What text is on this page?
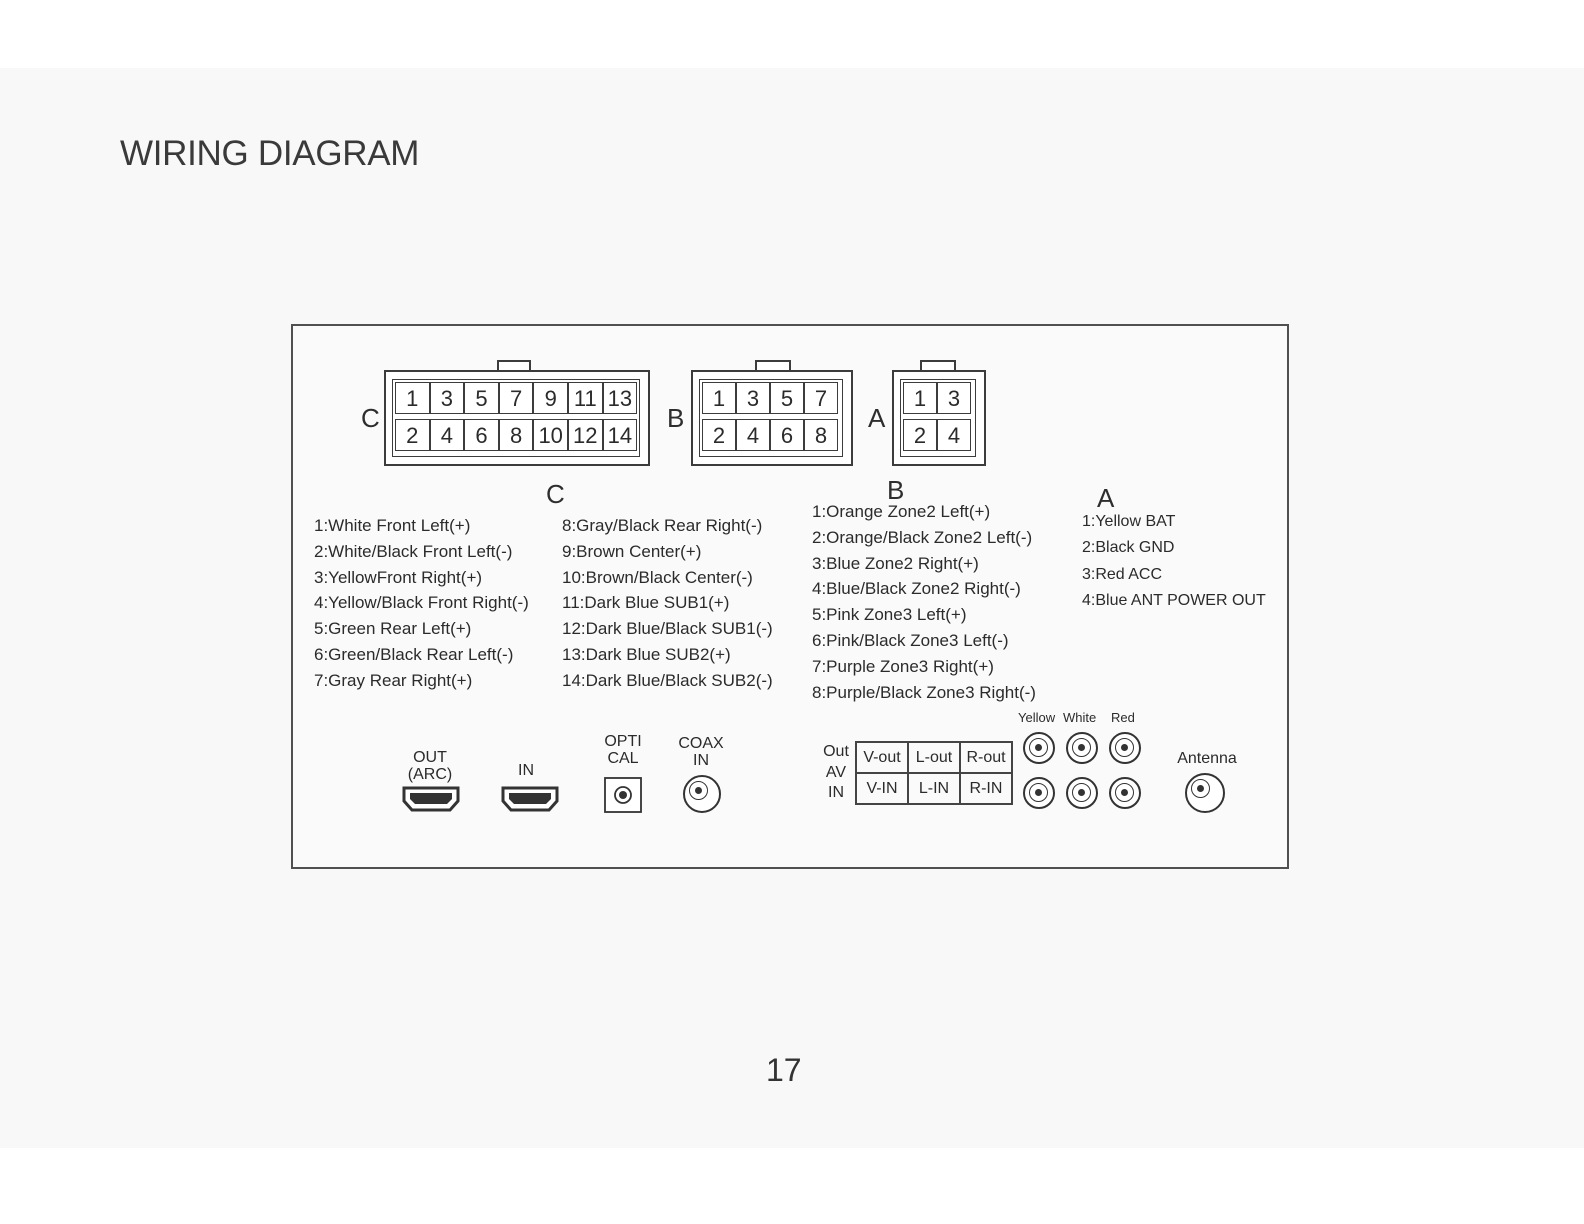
WIRING DIAGRAM
C
1	3	5	7	9 11 13
2	4	6	8 10 12 14
C
B
1 3 5 7
2 4 6 8
B
A
1 3
2 4
A
1:White Front Left(+)
2:White/Black Front Left(-)
3:YellowFront Right(+)
4:Yellow/Black Front Right(-)
5:Green Rear Left(+)
6:Green/Black Rear Left(-)
7:Gray Rear Right(+)
8:Gray/Black Rear Right(-)
9:Brown Center(+)
10:Brown/Black Center(-)
11:Dark Blue SUB1(+)
12:Dark Blue/Black SUB1(-)
13:Dark Blue SUB2(+)
14:Dark Blue/Black SUB2(-)
1:Orange Zone2 Left(+)
2:Orange/Black Zone2 Left(-)
3:Blue Zone2 Right(+)
4:Blue/Black Zone2 Right(-)
5:Pink Zone3 Left(+)
6:Pink/Black Zone3 Left(-)
7:Purple Zone3 Right(+)
8:Purple/Black Zone3 Right(-)
1:Yellow BAT
2:Black GND
3:Red ACC
4:Blue ANT POWER OUT
OUT
(ARC)	IN
OPTI
CAL
COAX
IN
Out
AV
IN
V-out L-out R-out
V-IN	L-IN	R-IN
Yellow White Red
Antenna
17
